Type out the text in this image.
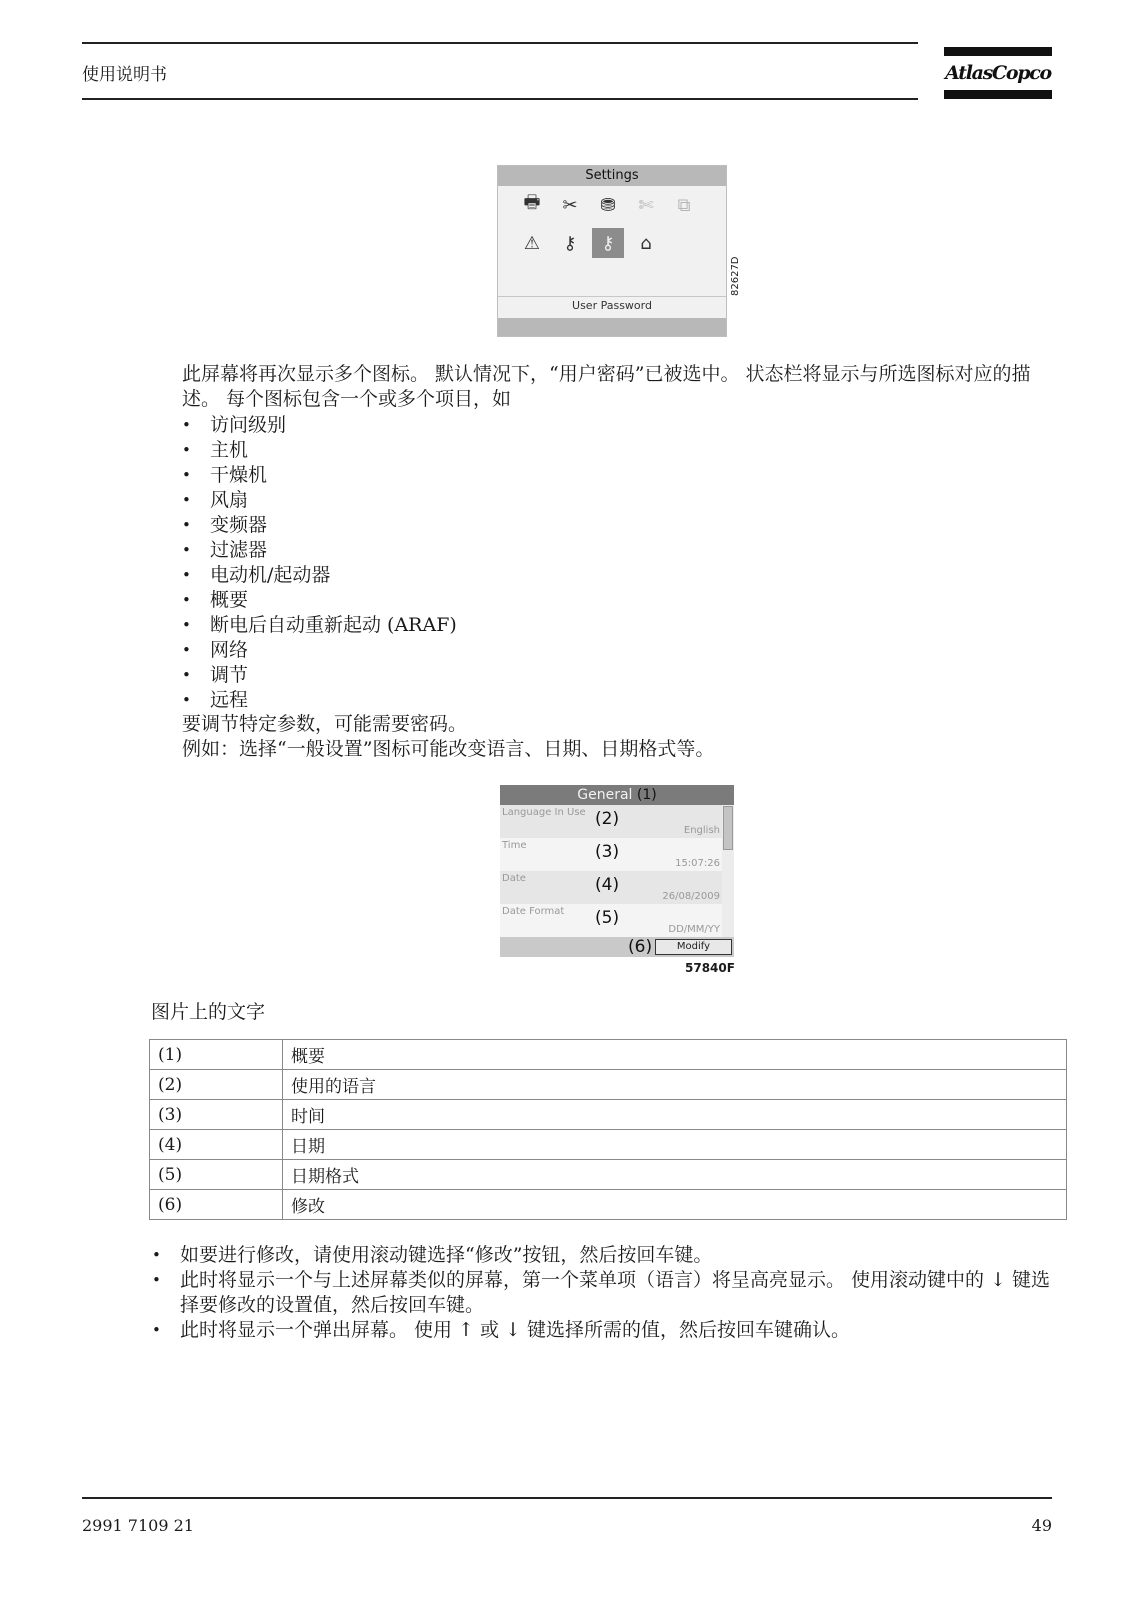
使用说明书	AtlasCopco
Settings
🖶	✂	⛃	✄	⧉
⚠	⚷	⚷	⌂
User Password
82627D
此屏幕将再次显示多个图标。 默认情况下，“用户密码”已被选中。 状态栏将显示与所选图标对应的描述。 每个图标包含一个或多个项目，如
• 访问级别
• 主机
• 干燥机
• 风扇
• 变频器
• 过滤器
• 电动机/起动器
• 概要
• 断电后自动重新起动 (ARAF)
• 网络
• 调节
• 远程
要调节特定参数，可能需要密码。
例如：选择“一般设置”图标可能改变语言、日期、日期格式等。
General (1)
Language In Use (2)
English
Time	(3)
15:07:26
Date	(4)
26/08/2009
Date Format (5)
DD/MM/YY
(6)	Modify
57840F
图片上的文字
(1)	概要
(2)	使用的语言
(3)	时间
(4)	日期
(5)	日期格式
(6)	修改
• 如要进行修改，请使用滚动键选择“修改”按钮，然后按回车键。
• 此时将显示一个与上述屏幕类似的屏幕，第一个菜单项（语言）将呈高亮显示。 使用滚动键中的 ↓ 键选择要修改的设置值，然后按回车键。
• 此时将显示一个弹出屏幕。 使用 ↑ 或 ↓ 键选择所需的值，然后按回车键确认。
2991 7109 21	49
